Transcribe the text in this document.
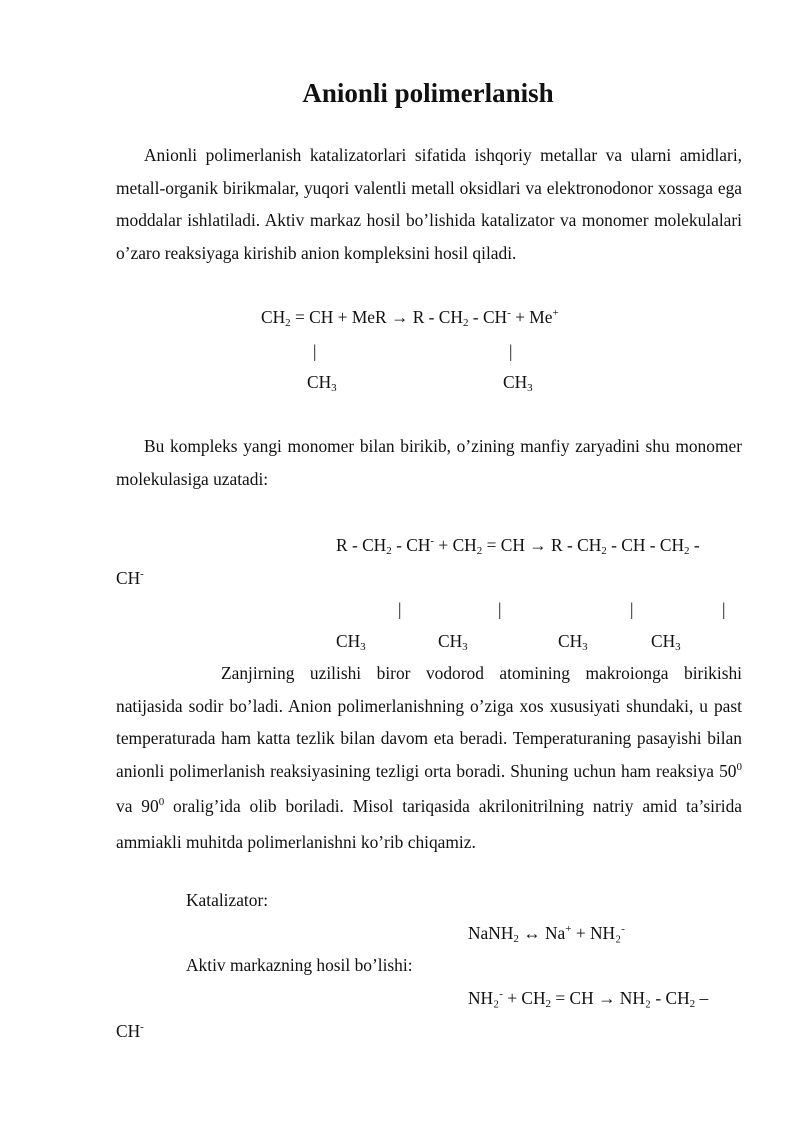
Anionli polimerlanish

Anionli polimerlanish katalizatorlari sifatida ishqoriy metallar va ularni amidlari, metall-organik birikmalar, yuqori valentli metall oksidlari va elektronodonor xossaga ega moddalar ishlatiladi. Aktiv markaz hosil bo’lishida katalizator va monomer molekulalari o’zaro reaksiyaga kirishib anion kompleksini hosil qiladi.

$CH_2$ = CH + MeR → $R - CH_2 - CH^- + Me^+$
|	|
$CH_3$	$CH_3$

Bu kompleks yangi monomer bilan birikib, o’zining manfiy zaryadini shu monomer molekulasiga uzatadi:

$R - CH_2 - CH^- + CH_2$ = CH → R - $CH_2$ - CH - $CH_2$ -
CH-
|	|	|	|
$CH_3$	$CH_3$	$CH_3$	$CH_3$

Zanjirning uzilishi biror vodorod atomining makroionga birikishi natijasida sodir bo’ladi. Anion polimerlanishning o’ziga xos xususiyati shundaki, u past temperaturada ham katta tezlik bilan davom eta beradi. Temperaturaning pasayishi bilan anionli polimerlanish reaksiyasining tezligi orta boradi. Shuning uchun ham reaksiya $50^0$ va $90^0$ oralig’ida olib boriladi. Misol tariqasida akrilonitrilning natriy amid ta’sirida ammiakli muhitda polimerlanishni ko’rib chiqamiz.

Katalizator:
NaNH$_2$ ↔ Na+ + NH₂-
Aktiv markazning hosil bo’lishi:
$NH_2^- + CH_2$ = CH → $NH_2 - CH_2$ –
CH-
